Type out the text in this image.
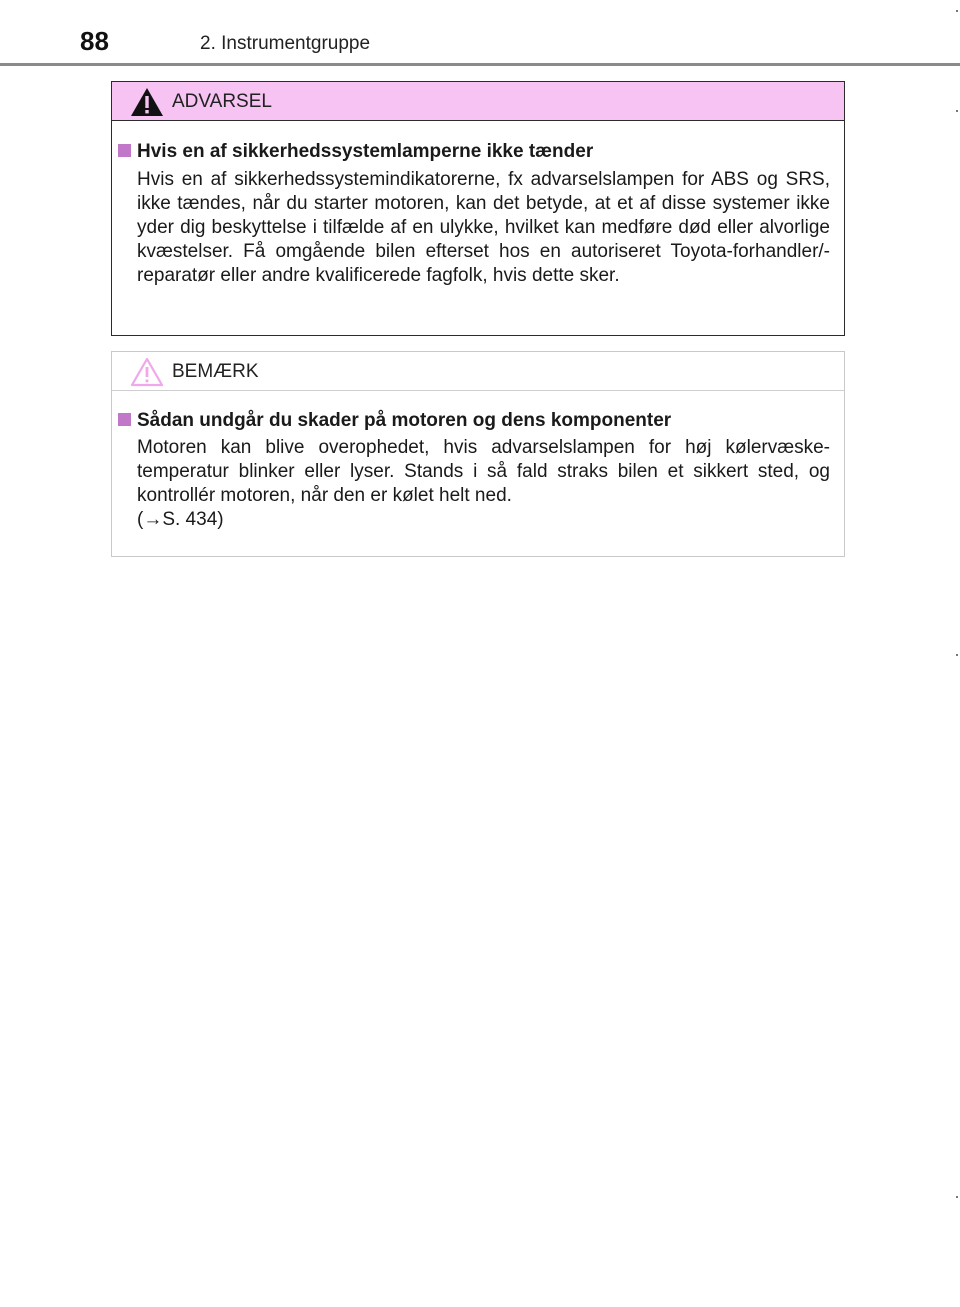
88	2. Instrumentgruppe
ADVARSEL
Hvis en af sikkerhedssystemlamperne ikke tænder
Hvis en af sikkerhedssystemindikatorerne, fx advarselslampen for ABS og SRS, ikke tændes, når du starter motoren, kan det betyde, at et af disse systemer ikke yder dig beskyttelse i tilfælde af en ulykke, hvilket kan medføre død eller alvorlige kvæstelser. Få omgående bilen efterset hos en autoriseret Toyota-forhandler/-reparatør eller andre kvalificerede fagfolk, hvis dette sker.
BEMÆRK
Sådan undgår du skader på motoren og dens komponenter
Motoren kan blive overophedet, hvis advarselslampen for høj kølervæske-temperatur blinker eller lyser. Stands i så fald straks bilen et sikkert sted, og kontrollér motoren, når den er kølet helt ned.
(→S. 434)
